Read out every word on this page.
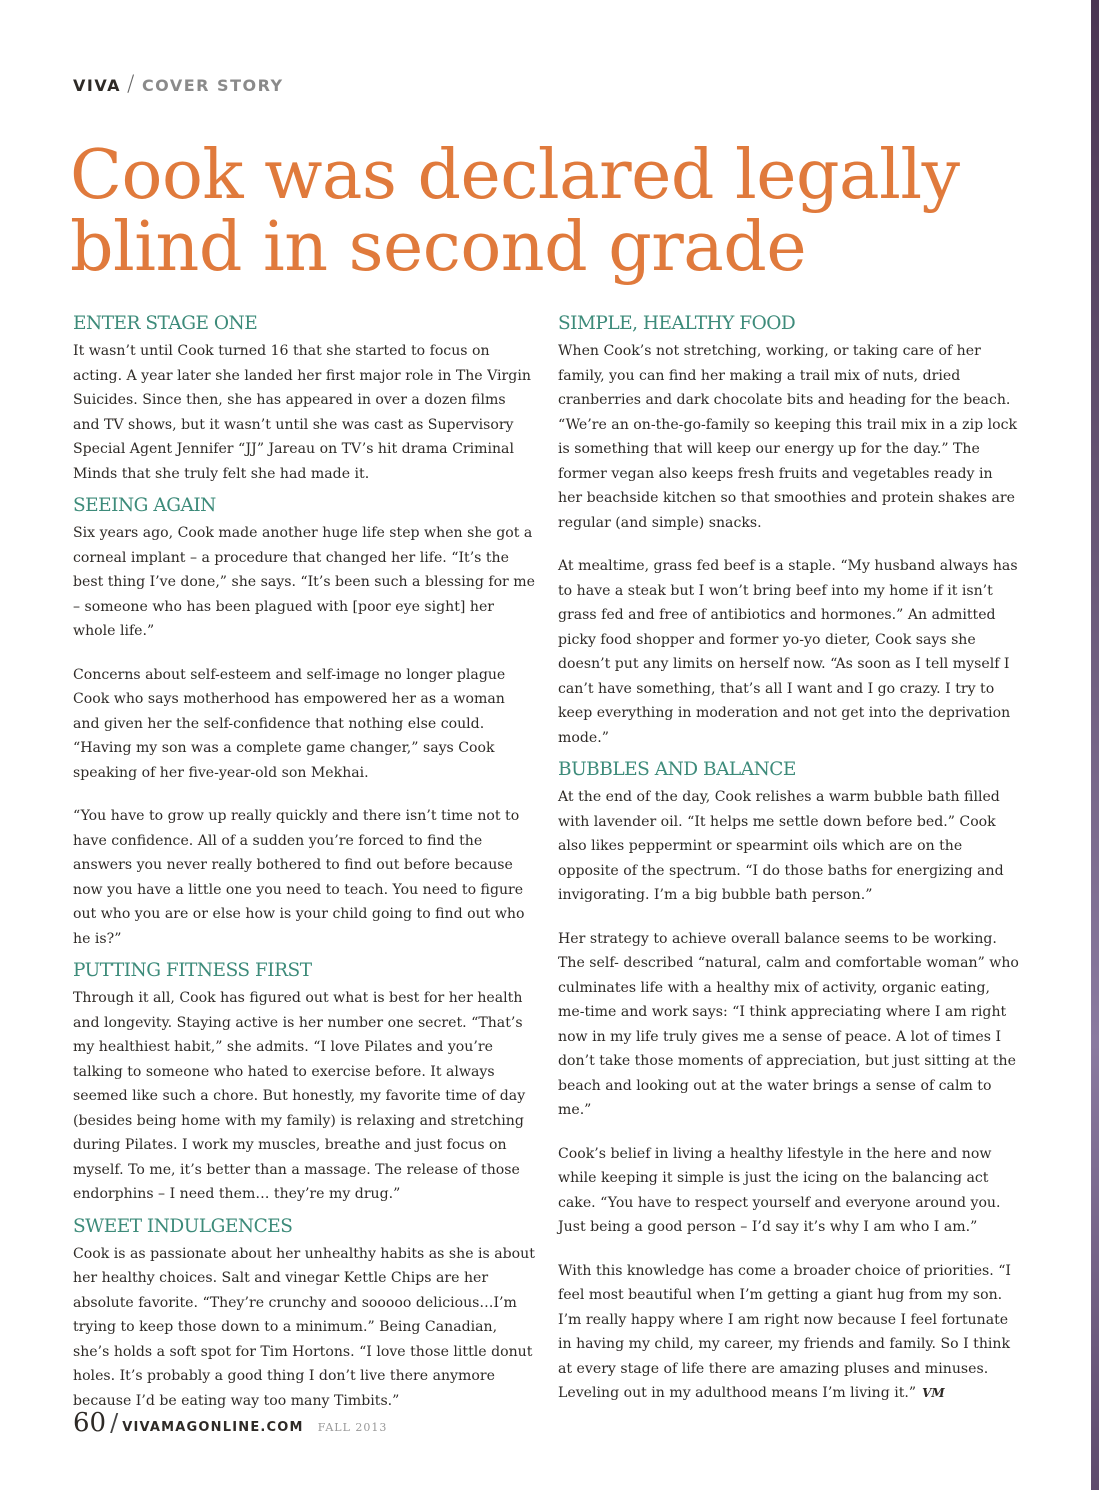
VIVA / COVER STORY
Cook was declared legally blind in second grade
ENTER STAGE ONE

It wasn’t until Cook turned 16 that she started to focus on acting. A year later she landed her first major role in The Virgin Suicides. Since then, she has appeared in over a dozen films and TV shows, but it wasn’t until she was cast as Supervisory Special Agent Jennifer “JJ” Jareau on TV’s hit drama Criminal Minds that she truly felt she had made it.

SEEING AGAIN

Six years ago, Cook made another huge life step when she got a corneal implant – a procedure that changed her life. “It’s the best thing I’ve done,” she says. “It’s been such a blessing for me – someone who has been plagued with [poor eye sight] her whole life.”

Concerns about self-esteem and self-image no longer plague Cook who says motherhood has empowered her as a woman and given her the self-confidence that nothing else could. “Having my son was a complete game changer,” says Cook speaking of her five-year-old son Mekhai.

“You have to grow up really quickly and there isn’t time not to have confidence. All of a sudden you’re forced to find the answers you never really bothered to find out before because now you have a little one you need to teach. You need to figure out who you are or else how is your child going to find out who he is?”

PUTTING FITNESS FIRST

Through it all, Cook has figured out what is best for her health and longevity. Staying active is her number one secret. “That’s my healthiest habit,” she admits. “I love Pilates and you’re talking to someone who hated to exercise before. It always seemed like such a chore. But honestly, my favorite time of day (besides being home with my family) is relaxing and stretching during Pilates. I work my muscles, breathe and just focus on myself. To me, it’s better than a massage. The release of those endorphins – I need them… they’re my drug.”

SWEET INDULGENCES

Cook is as passionate about her unhealthy habits as she is about her healthy choices. Salt and vinegar Kettle Chips are her absolute favorite. “They’re crunchy and sooooo delicious…I’m trying to keep those down to a minimum.” Being Canadian, she’s holds a soft spot for Tim Hortons. “I love those little donut holes. It’s probably a good thing I don’t live there anymore because I’d be eating way too many Timbits.”

SIMPLE, HEALTHY FOOD

When Cook’s not stretching, working, or taking care of her family, you can find her making a trail mix of nuts, dried cranberries and dark chocolate bits and heading for the beach. “We’re an on-the-go-family so keeping this trail mix in a zip lock is something that will keep our energy up for the day.” The former vegan also keeps fresh fruits and vegetables ready in her beachside kitchen so that smoothies and protein shakes are regular (and simple) snacks.

At mealtime, grass fed beef is a staple. “My husband always has to have a steak but I won’t bring beef into my home if it isn’t grass fed and free of antibiotics and hormones.” An admitted picky food shopper and former yo-yo dieter, Cook says she doesn’t put any limits on herself now. “As soon as I tell myself I can’t have something, that’s all I want and I go crazy. I try to keep everything in moderation and not get into the deprivation mode.”

BUBBLES AND BALANCE

At the end of the day, Cook relishes a warm bubble bath filled with lavender oil. “It helps me settle down before bed.” Cook also likes peppermint or spearmint oils which are on the opposite of the spectrum. “I do those baths for energizing and invigorating. I’m a big bubble bath person.”

Her strategy to achieve overall balance seems to be working. The self- described “natural, calm and comfortable woman” who culminates life with a healthy mix of activity, organic eating, me-time and work says: “I think appreciating where I am right now in my life truly gives me a sense of peace. A lot of times I don’t take those moments of appreciation, but just sitting at the beach and looking out at the water brings a sense of calm to me.”

Cook’s belief in living a healthy lifestyle in the here and now while keeping it simple is just the icing on the balancing act cake. “You have to respect yourself and everyone around you. Just being a good person – I’d say it’s why I am who I am.”

With this knowledge has come a broader choice of priorities. “I feel most beautiful when I’m getting a giant hug from my son. I’m really happy where I am right now because I feel fortunate in having my child, my career, my friends and family. So I think at every stage of life there are amazing pluses and minuses. Leveling out in my adulthood means I’m living it.” VM

60 / VIVAMAGONLINE.COM FALL 2013
